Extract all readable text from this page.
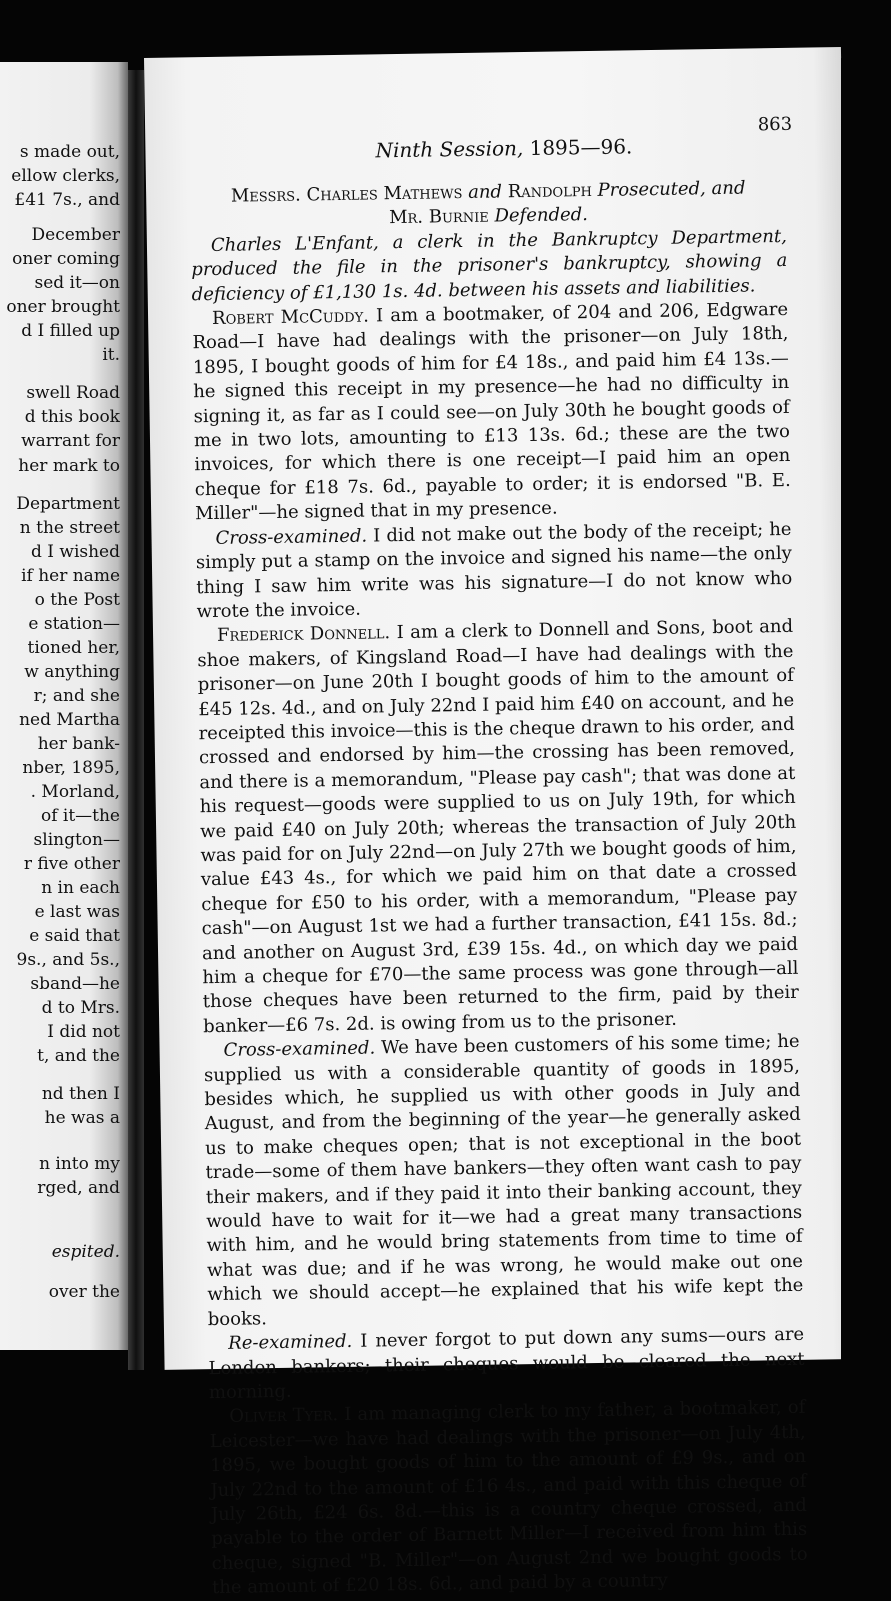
s made out,

ellow clerks,

£41 7s., and

December

oner coming

sed it—on

oner brought

d I filled up

it.

swell Road

d this book

warrant for

her mark to

Department

n the street

d I wished

if her name

o the Post

e station—

tioned her,

w anything

r; and she

ned Martha

her bank-

nber, 1895,

. Morland,

of it—the

slington—

r five other

n in each

e last was

e said that

9s., and 5s.,

sband—he

d to Mrs.

I did not

t, and the

nd then I

he was a

n into my

rged, and

espited.

over the

Ninth Session, 1895—96.

863

Messrs. Charles Mathews and Randolph Prosecuted, and
Mr. Burnie Defended.

Charles L'Enfant, a clerk in the Bankruptcy Department, produced the file in the prisoner's bankruptcy, showing a deficiency of £1,130 1s. 4d. between his assets and liabilities.

Robert McCuddy. I am a bootmaker, of 204 and 206, Edgware Road—I have had dealings with the prisoner—on July 18th, 1895, I bought goods of him for £4 18s., and paid him £4 13s.—he signed this receipt in my presence—he had no difficulty in signing it, as far as I could see—on July 30th he bought goods of me in two lots, amounting to £13 13s. 6d.; these are the two invoices, for which there is one receipt—I paid him an open cheque for £18 7s. 6d., payable to order; it is endorsed "B. E. Miller"—he signed that in my presence.

Cross-examined. I did not make out the body of the receipt; he simply put a stamp on the invoice and signed his name—the only thing I saw him write was his signature—I do not know who wrote the invoice.

Frederick Donnell. I am a clerk to Donnell and Sons, boot and shoe makers, of Kingsland Road—I have had dealings with the prisoner—on June 20th I bought goods of him to the amount of £45 12s. 4d., and on July 22nd I paid him £40 on account, and he receipted this invoice—this is the cheque drawn to his order, and crossed and endorsed by him—the crossing has been removed, and there is a memorandum, "Please pay cash"; that was done at his request—goods were supplied to us on July 19th, for which we paid £40 on July 20th; whereas the transaction of July 20th was paid for on July 22nd—on July 27th we bought goods of him, value £43 4s., for which we paid him on that date a crossed cheque for £50 to his order, with a memorandum, "Please pay cash"—on August 1st we had a further transaction, £41 15s. 8d.; and another on August 3rd, £39 15s. 4d., on which day we paid him a cheque for £70—the same process was gone through—all those cheques have been returned to the firm, paid by their banker—£6 7s. 2d. is owing from us to the prisoner.

Cross-examined. We have been customers of his some time; he supplied us with a considerable quantity of goods in 1895, besides which, he supplied us with other goods in July and August, and from the beginning of the year—he generally asked us to make cheques open; that is not exceptional in the boot trade—some of them have bankers—they often want cash to pay their makers, and if they paid it into their banking account, they would have to wait for it—we had a great many transactions with him, and he would bring statements from time to time of what was due; and if he was wrong, he would make out one which we should accept—he explained that his wife kept the books.

Re-examined. I never forgot to put down any sums—ours are London bankers; their cheques would be cleared the next morning.

Oliver Tyer. I am managing clerk to my father, a bootmaker, of Leicester—we have had dealings with the prisoner—on July 4th, 1895, we bought goods of him to the amount of £9 9s., and on July 22nd to the amount of £16 4s., and paid with this cheque of July 26th, £24 6s. 8d.—this is a country cheque crossed, and payable to the order of Barnett Miller—I received from him this cheque, signed "B. Miller"—on August 2nd we bought goods to the amount of £20 18s. 6d., and paid by a country
